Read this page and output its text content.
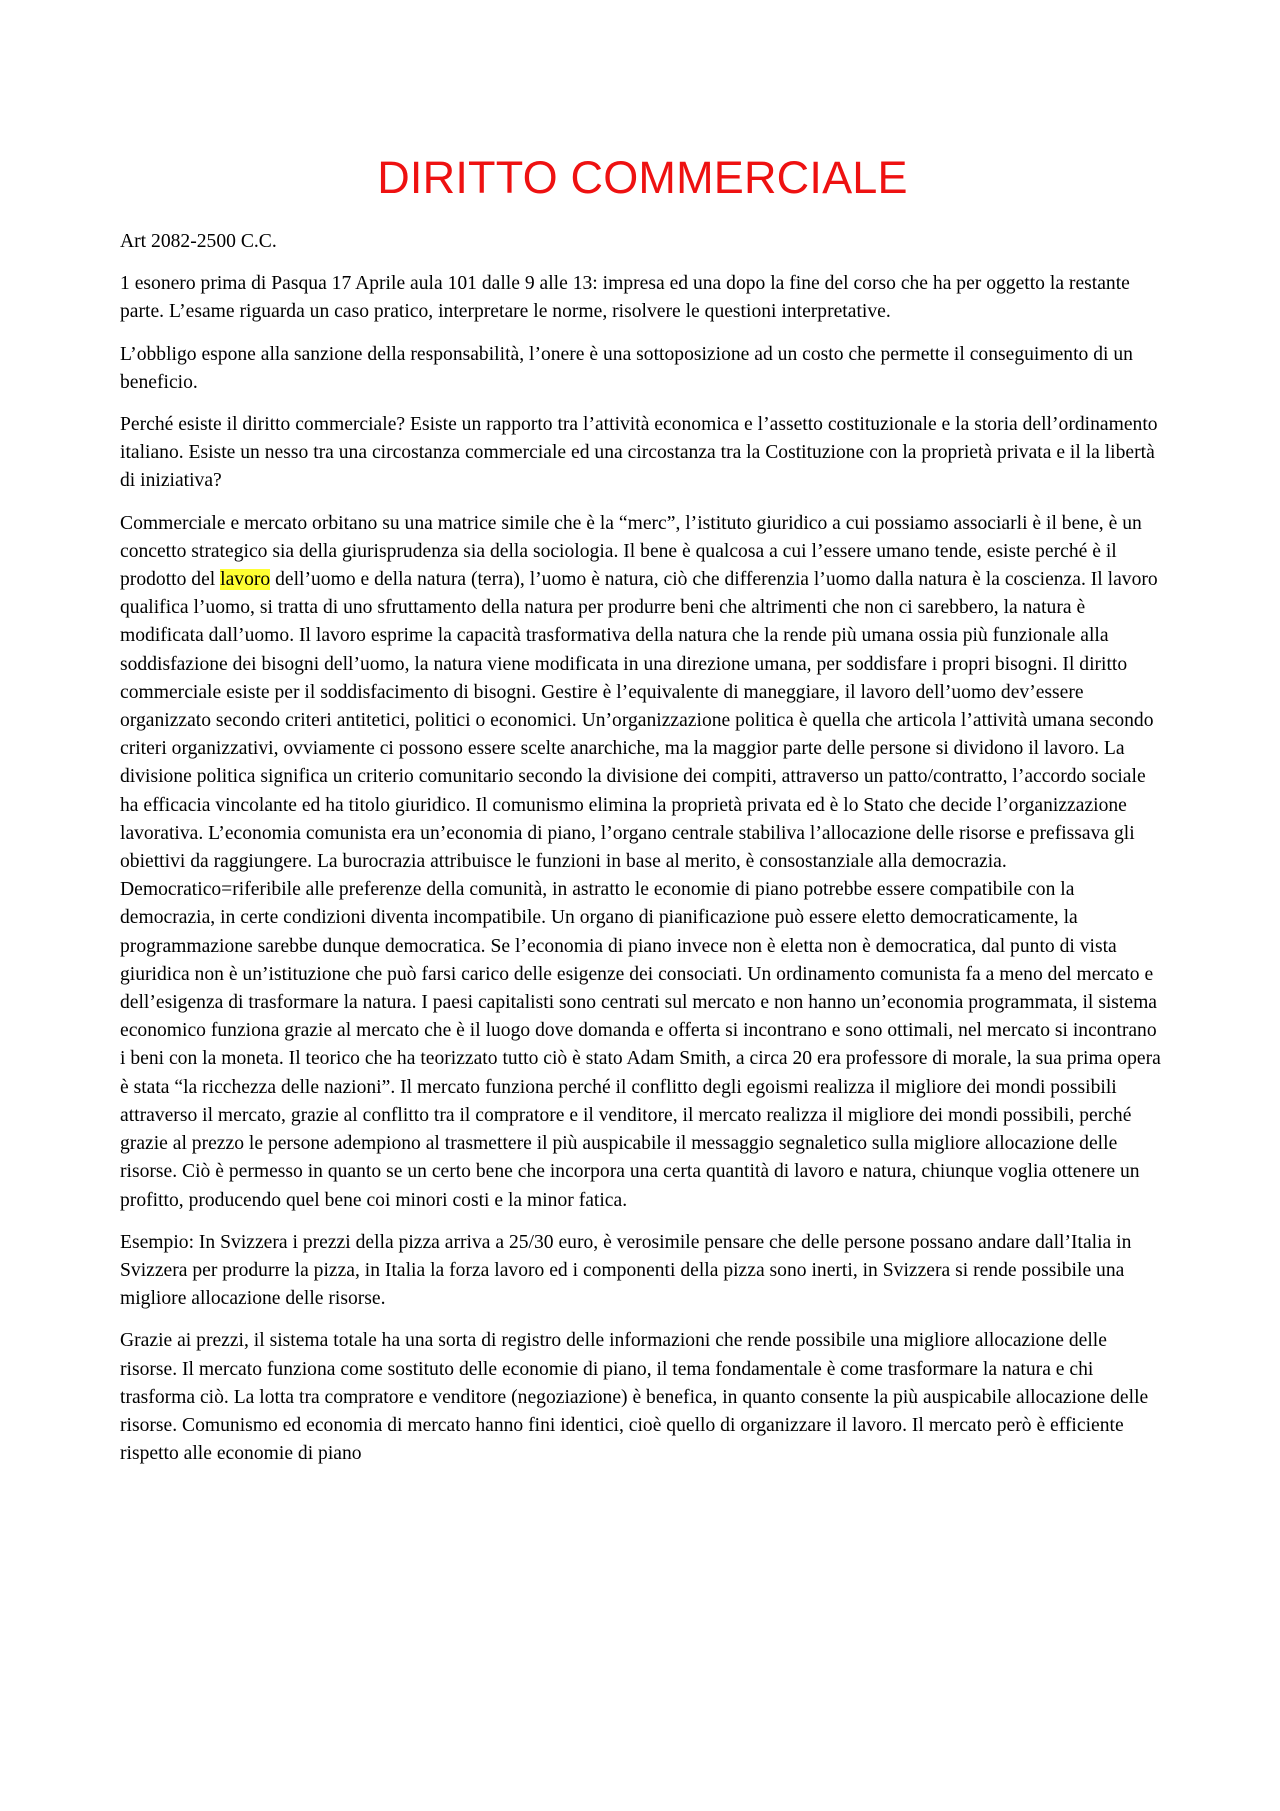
DIRITTO COMMERCIALE

Art 2082-2500 C.C.

1 esonero prima di Pasqua 17 Aprile aula 101 dalle 9 alle 13: impresa ed una dopo la fine del corso che ha per oggetto la restante parte. L’esame riguarda un caso pratico, interpretare le norme, risolvere le questioni interpretative.

L’obbligo espone alla sanzione della responsabilità, l’onere è una sottoposizione ad un costo che permette il conseguimento di un beneficio.

Perché esiste il diritto commerciale? Esiste un rapporto tra l’attività economica e l’assetto costituzionale e la storia dell’ordinamento italiano. Esiste un nesso tra una circostanza commerciale ed una circostanza tra la Costituzione con la proprietà privata e il la libertà di iniziativa?

Commerciale e mercato orbitano su una matrice simile che è la “merc”, l’istituto giuridico a cui possiamo associarli è il bene, è un concetto strategico sia della giurisprudenza sia della sociologia. Il bene è qualcosa a cui l’essere umano tende, esiste perché è il prodotto del lavoro dell’uomo e della natura (terra), l’uomo è natura, ciò che differenzia l’uomo dalla natura è la coscienza. Il lavoro qualifica l’uomo, si tratta di uno sfruttamento della natura per produrre beni che altrimenti che non ci sarebbero, la natura è modificata dall’uomo. Il lavoro esprime la capacità trasformativa della natura che la rende più umana ossia più funzionale alla soddisfazione dei bisogni dell’uomo, la natura viene modificata in una direzione umana, per soddisfare i propri bisogni. Il diritto commerciale esiste per il soddisfacimento di bisogni. Gestire è l’equivalente di maneggiare, il lavoro dell’uomo dev’essere organizzato secondo criteri antitetici, politici o economici. Un’organizzazione politica è quella che articola l’attività umana secondo criteri organizzativi, ovviamente ci possono essere scelte anarchiche, ma la maggior parte delle persone si dividono il lavoro. La divisione politica significa un criterio comunitario secondo la divisione dei compiti, attraverso un patto/contratto, l’accordo sociale ha efficacia vincolante ed ha titolo giuridico. Il comunismo elimina la proprietà privata ed è lo Stato che decide l’organizzazione lavorativa. L’economia comunista era un’economia di piano, l’organo centrale stabiliva l’allocazione delle risorse e prefissava gli obiettivi da raggiungere. La burocrazia attribuisce le funzioni in base al merito, è consostanziale alla democrazia. Democratico=riferibile alle preferenze della comunità, in astratto le economie di piano potrebbe essere compatibile con la democrazia, in certe condizioni diventa incompatibile. Un organo di pianificazione può essere eletto democraticamente, la programmazione sarebbe dunque democratica. Se l’economia di piano invece non è eletta non è democratica, dal punto di vista giuridica non è un’istituzione che può farsi carico delle esigenze dei consociati. Un ordinamento comunista fa a meno del mercato e dell’esigenza di trasformare la natura. I paesi capitalisti sono centrati sul mercato e non hanno un’economia programmata, il sistema economico funziona grazie al mercato che è il luogo dove domanda e offerta si incontrano e sono ottimali, nel mercato si incontrano i beni con la moneta. Il teorico che ha teorizzato tutto ciò è stato Adam Smith, a circa 20 era professore di morale, la sua prima opera è stata “la ricchezza delle nazioni”. Il mercato funziona perché il conflitto degli egoismi realizza il migliore dei mondi possibili attraverso il mercato, grazie al conflitto tra il compratore e il venditore, il mercato realizza il migliore dei mondi possibili, perché grazie al prezzo le persone adempiono al trasmettere il più auspicabile il messaggio segnaletico sulla migliore allocazione delle risorse. Ciò è permesso in quanto se un certo bene che incorpora una certa quantità di lavoro e natura, chiunque voglia ottenere un profitto, producendo quel bene coi minori costi e la minor fatica.

Esempio: In Svizzera i prezzi della pizza arriva a 25/30 euro, è verosimile pensare che delle persone possano andare dall’Italia in Svizzera per produrre la pizza, in Italia la forza lavoro ed i componenti della pizza sono inerti, in Svizzera si rende possibile una migliore allocazione delle risorse.

Grazie ai prezzi, il sistema totale ha una sorta di registro delle informazioni che rende possibile una migliore allocazione delle risorse. Il mercato funziona come sostituto delle economie di piano, il tema fondamentale è come trasformare la natura e chi trasforma ciò. La lotta tra compratore e venditore (negoziazione) è benefica, in quanto consente la più auspicabile allocazione delle risorse. Comunismo ed economia di mercato hanno fini identici, cioè quello di organizzare il lavoro. Il mercato però è efficiente rispetto alle economie di piano
